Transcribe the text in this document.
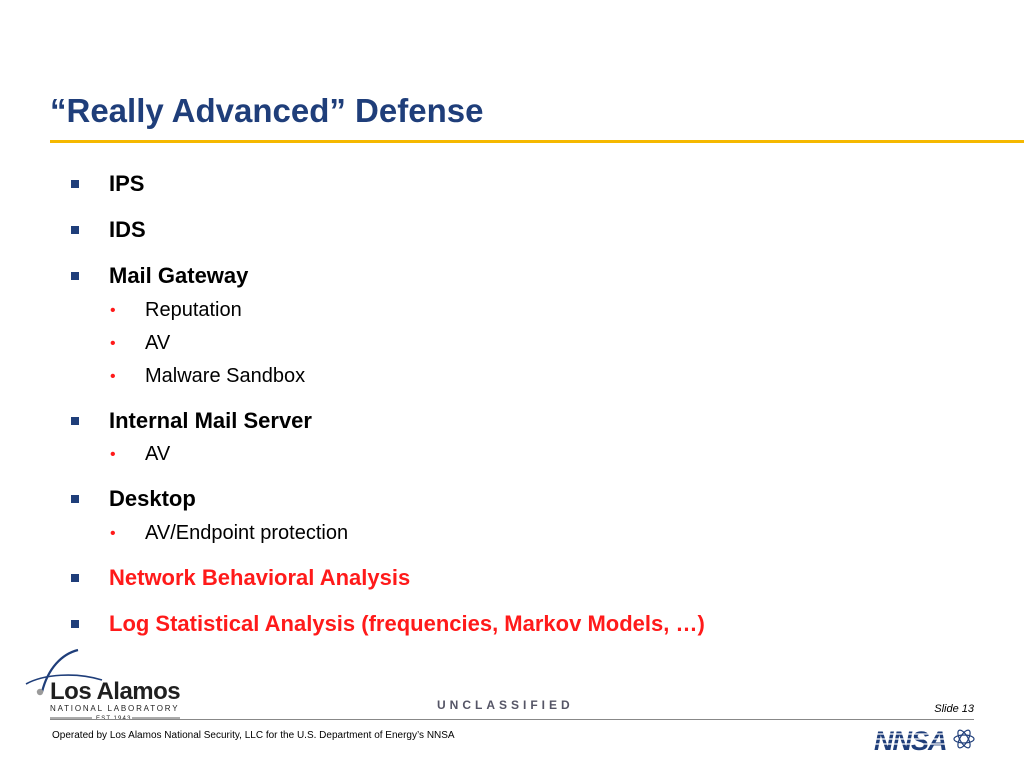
“Really Advanced” Defense
IPS
IDS
Mail Gateway
• Reputation
• AV
• Malware Sandbox
Internal Mail Server
• AV
Desktop
• AV/Endpoint protection
Network Behavioral Analysis
Log Statistical Analysis (frequencies, Markov Models, …)
Los Alamos
NATIONAL LABORATORY	UNCLASSIFIED	Slide 13
Operated by Los Alamos National Security, LLC for the U.S. Department of Energy’s NNSA	NNSA
